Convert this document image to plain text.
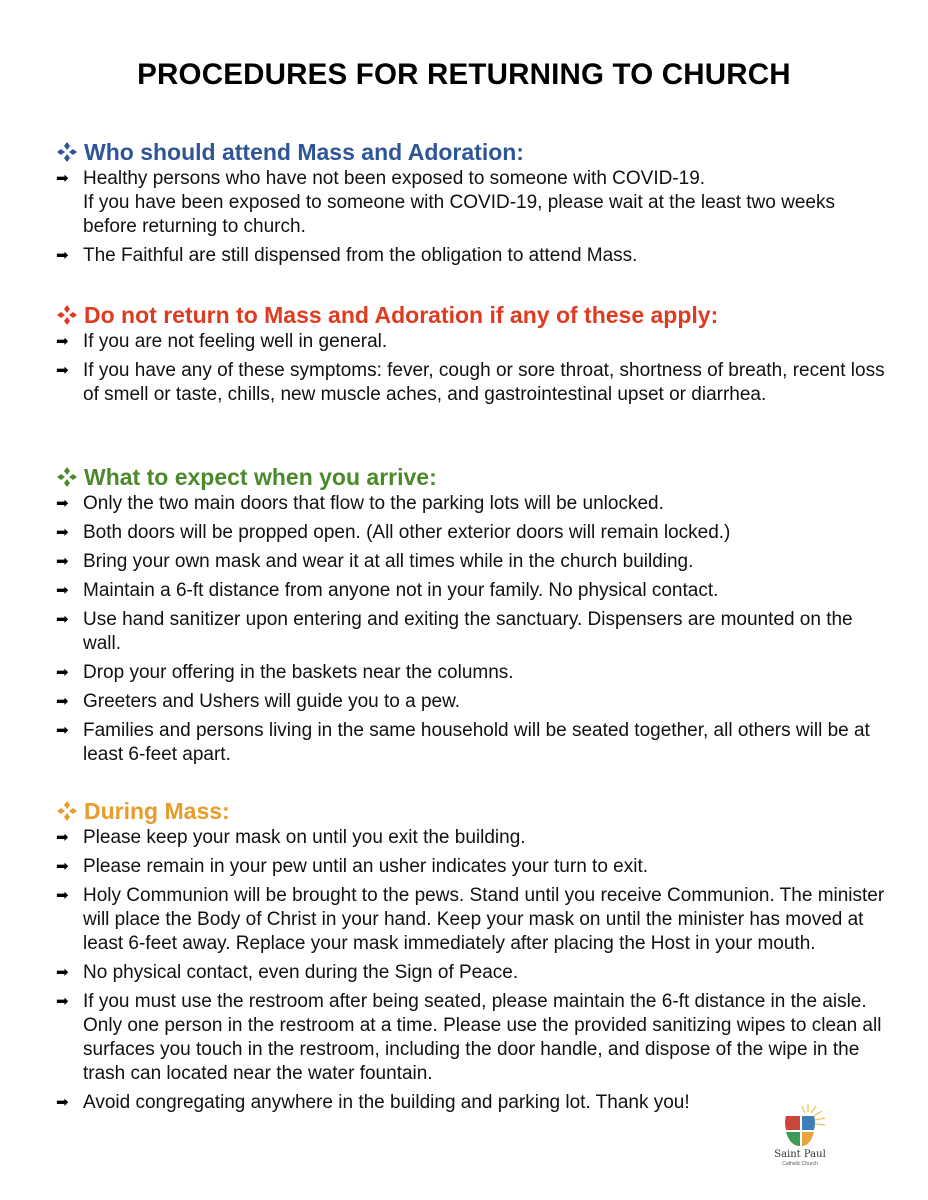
PROCEDURES FOR RETURNING TO CHURCH
Who should attend Mass and Adoration:
➡ Healthy persons who have not been exposed to someone with COVID-19.
If you have been exposed to someone with COVID-19, please wait at the least two weeks before returning to church.
➡ The Faithful are still dispensed from the obligation to attend Mass.
Do not return to Mass and Adoration if any of these apply:
➡ If you are not feeling well in general.
➡ If you have any of these symptoms: fever, cough or sore throat, shortness of breath, recent loss of smell or taste, chills, new muscle aches, and gastrointestinal upset or diarrhea.
What to expect when you arrive:
➡ Only the two main doors that flow to the parking lots will be unlocked.
➡ Both doors will be propped open. (All other exterior doors will remain locked.)
➡ Bring your own mask and wear it at all times while in the church building.
➡ Maintain a 6-ft distance from anyone not in your family. No physical contact.
➡ Use hand sanitizer upon entering and exiting the sanctuary. Dispensers are mounted on the wall.
➡ Drop your offering in the baskets near the columns.
➡ Greeters and Ushers will guide you to a pew.
➡ Families and persons living in the same household will be seated together, all others will be at least 6-feet apart.
During Mass:
➡ Please keep your mask on until you exit the building.
➡ Please remain in your pew until an usher indicates your turn to exit.
➡ Holy Communion will be brought to the pews. Stand until you receive Communion. The minister will place the Body of Christ in your hand. Keep your mask on until the minister has moved at least 6-feet away. Replace your mask immediately after placing the Host in your mouth.
➡ No physical contact, even during the Sign of Peace.
➡ If you must use the restroom after being seated, please maintain the 6-ft distance in the aisle. Only one person in the restroom at a time. Please use the provided sanitizing wipes to clean all surfaces you touch in the restroom, including the door handle, and dispose of the wipe in the trash can located near the water fountain.
➡ Avoid congregating anywhere in the building and parking lot. Thank you!
Saint Paul
Catholic Church
